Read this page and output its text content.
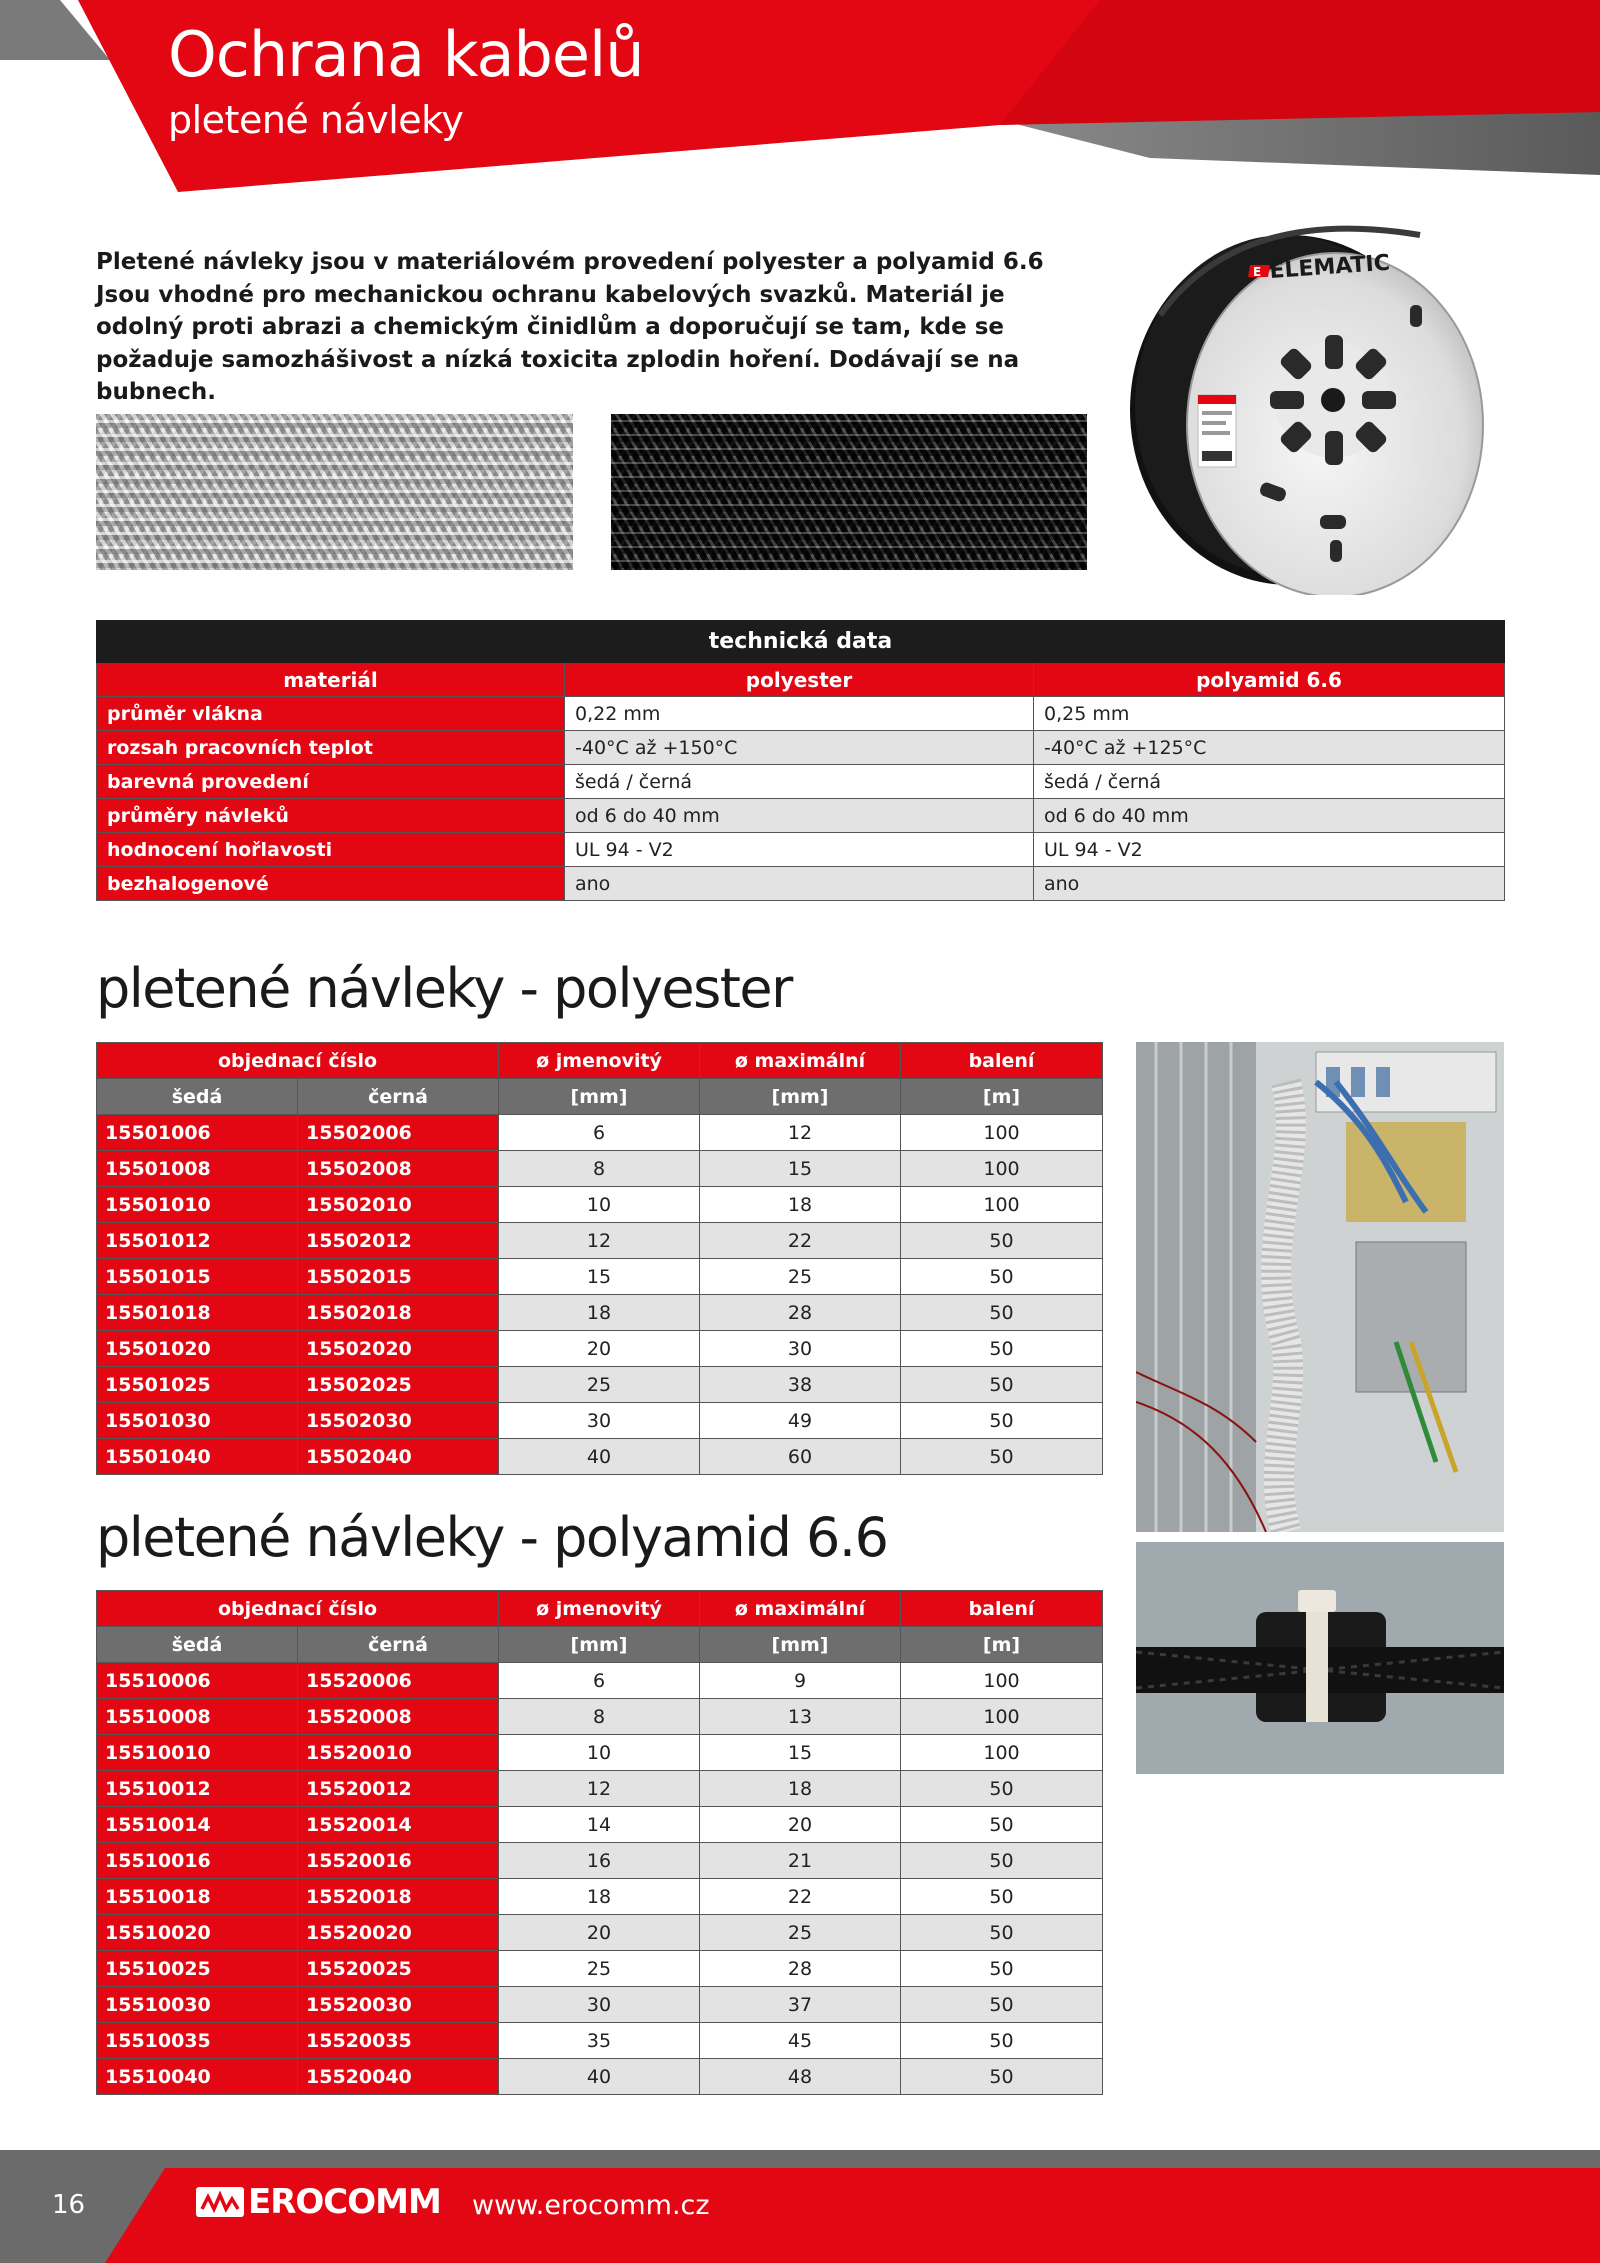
Ochrana kabelů
pletené návleky

Pletené návleky jsou v materiálovém provedení polyester a polyamid 6.6 Jsou vhodné pro mechanickou ochranu kabelových svazků. Materiál je odolný proti abrazi a chemickým činidlům a doporučují se tam, kde se požaduje samozhášivost a nízká toxicita zplodin hoření. Dodávají se na bubnech.

E ELEMATIC
technická data		
materiál	polyester	polyamid 6.6
průměr vlákna	0,22 mm	0,25 mm
rozsah pracovních teplot	-40°C až +150°C	-40°C až +125°C
barevná provedení	šedá / černá	šedá / černá
průměry návleků	od 6 do 40 mm	od 6 do 40 mm
hodnocení hořlavosti	UL 94 - V2	UL 94 - V2
bezhalogenové	ano	ano
pletené návleky - polyester
objednací číslo		ø jmenovitý	ø maximální	balení
šedá	černá	[mm]	[mm]	[m]
15501006	15502006	6	12	100
15501008	15502008	8	15	100
15501010	15502010	10	18	100
15501012	15502012	12	22	50
15501015	15502015	15	25	50
15501018	15502018	18	28	50
15501020	15502020	20	30	50
15501025	15502025	25	38	50
15501030	15502030	30	49	50
15501040	15502040	40	60	50
pletené návleky - polyamid 6.6
objednací číslo		ø jmenovitý	ø maximální	balení
šedá	černá	[mm]	[mm]	[m]
15510006	15520006	6	9	100
15510008	15520008	8	13	100
15510010	15520010	10	15	100
15510012	15520012	12	18	50
15510014	15520014	14	20	50
15510016	15520016	16	21	50
15510018	15520018	18	22	50
15510020	15520020	20	25	50
15510025	15520025	25	28	50
15510030	15520030	30	37	50
15510035	15520035	35	45	50
15510040	15520040	40	48	50
16	EROCOMM www.erocomm.cz
